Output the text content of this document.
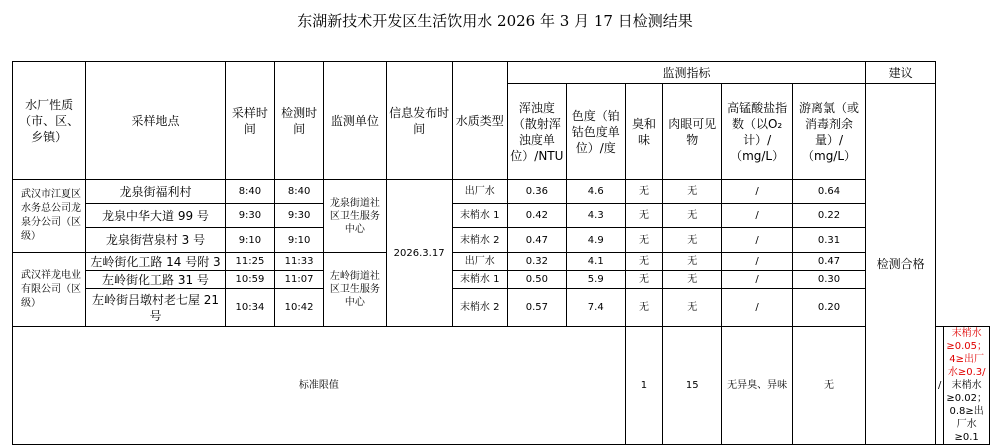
东湖新技术开发区生活饮用水 2026 年 3 月 17 日检测结果
水厂性质（市、区、乡镇）	采样地点	采样时间	检测时间	监测单位	信息发布时间	水质类型	监测指标						建议		
							浑浊度（散射浑浊度单位）/NTU	色度（铂钴色度单位）/度	臭和味	肉眼可见物	高锰酸盐指数（以O₂计）/（mg/L）	游离氯（或消毒剂余量）/（mg/L）	检测合格		
武汉市江夏区水务总公司龙泉分公司（区级）	龙泉街福利村	8:40	8:40	龙泉街道社区卫生服务中心	2026.3.17	出厂水	0.36	4.6	无	无	/	0.64			
	龙泉中华大道 99 号	9:30	9:30			末梢水 1	0.42	4.3	无	无	/	0.22			
	龙泉街营泉村 3 号	9:10	9:10			末梢水 2	0.47	4.9	无	无	/	0.31			
武汉祥龙电业有限公司（区级）	左岭街化工路 14 号附 3	11:25	11:33	左岭街道社区卫生服务中心		出厂水	0.32	4.1	无	无	/	0.47			
	左岭街化工路 31 号	10:59	11:07			末梢水 1	0.50	5.9	无	无	/	0.30			
	左岭街吕墩村老七屋 21 号	10:34	10:42			末梢水 2	0.57	7.4	无	无	/	0.20			
标准限值									1	15	无异臭、异味	无		/	末梢水≥0.05；4≥出厂水≥0.3/
末梢水≥0.02；0.8≥出厂水≥0.1
